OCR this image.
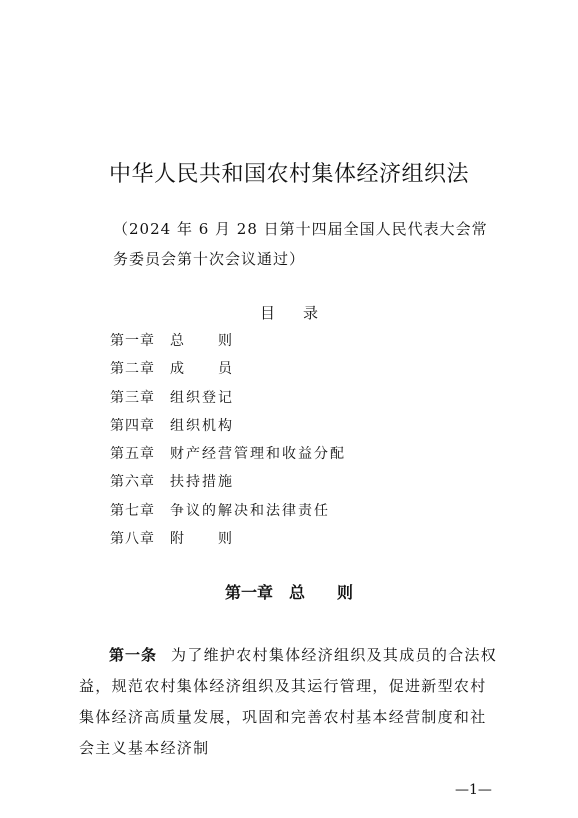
中华人民共和国农村集体经济组织法

（2024 年 6 月 28 日第十四届全国人民代表大会常务委员会第十次会议通过）

目录
第一章 总　　则
第二章 成　　员
第三章 组织登记
第四章 组织机构
第五章 财产经营管理和收益分配
第六章 扶持措施
第七章 争议的解决和法律责任
第八章 附　　则
第一章　总　　则

第一条 为了维护农村集体经济组织及其成员的合法权益，规范农村集体经济组织及其运行管理，促进新型农村集体经济高质量发展，巩固和完善农村基本经营制度和社会主义基本经济制

—1—
